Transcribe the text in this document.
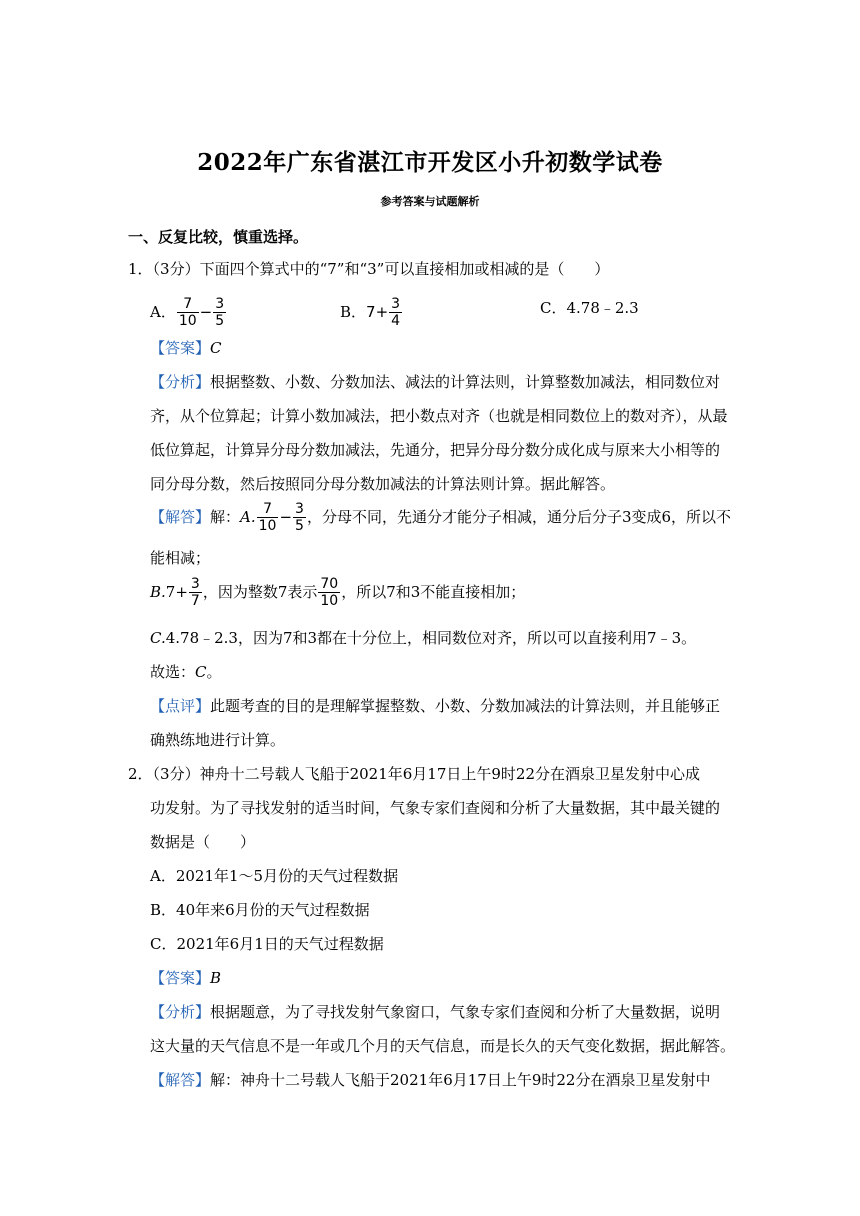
2022年广东省湛江市开发区小升初数学试卷
参考答案与试题解析
一、反复比较，慎重选择。
1．（3分）下面四个算式中的“7”和“3”可以直接相加或相减的是（　　）
A． $\frac{7}{10} - \frac{3}{5}$	B． $7+ \frac{3}{4}$	C．4.78﹣2.3
【答案】C
【分析】根据整数、小数、分数加法、减法的计算法则，计算整数加减法，相同数位对
齐，从个位算起；计算小数加减法，把小数点对齐（也就是相同数位上的数对齐），从最
低位算起，计算异分母分数加减法，先通分，把异分母分数分成化成与原来大小相等的
同分母分数，然后按照同分母分数加减法的计算法则计算。据此解答。
【解答】 解： A. $\frac{7}{10} - \frac{3}{5}$ ，分母不同，先通分才能分子相减，通分后分子3变成6，所以不
能相减；
B. $7+ \frac{3}{7}$ ，因为整数7表示 $\frac{70}{10}$ ，所以7和3不能直接相加；
C.4.78﹣2.3，因为7和3都在十分位上，相同数位对齐，所以可以直接利用7﹣3。
故选：C。
【点评】此题考查的目的是理解掌握整数、小数、分数加减法的计算法则，并且能够正
确熟练地进行计算。
2．（3分）神舟十二号载人飞船于2021年6月17日上午9时22分在酒泉卫星发射中心成
功发射。为了寻找发射的适当时间，气象专家们查阅和分析了大量数据，其中最关键的
数据是（　　）
A．2021年1～5月份的天气过程数据
B．40年来6月份的天气过程数据
C．2021年6月1日的天气过程数据
【答案】B
【分析】根据题意，为了寻找发射气象窗口，气象专家们查阅和分析了大量数据，说明
这大量的天气信息不是一年或几个月的天气信息，而是长久的天气变化数据，据此解答。
【解答】解：神舟十二号载人飞船于2021年6月17日上午9时22分在酒泉卫星发射中
